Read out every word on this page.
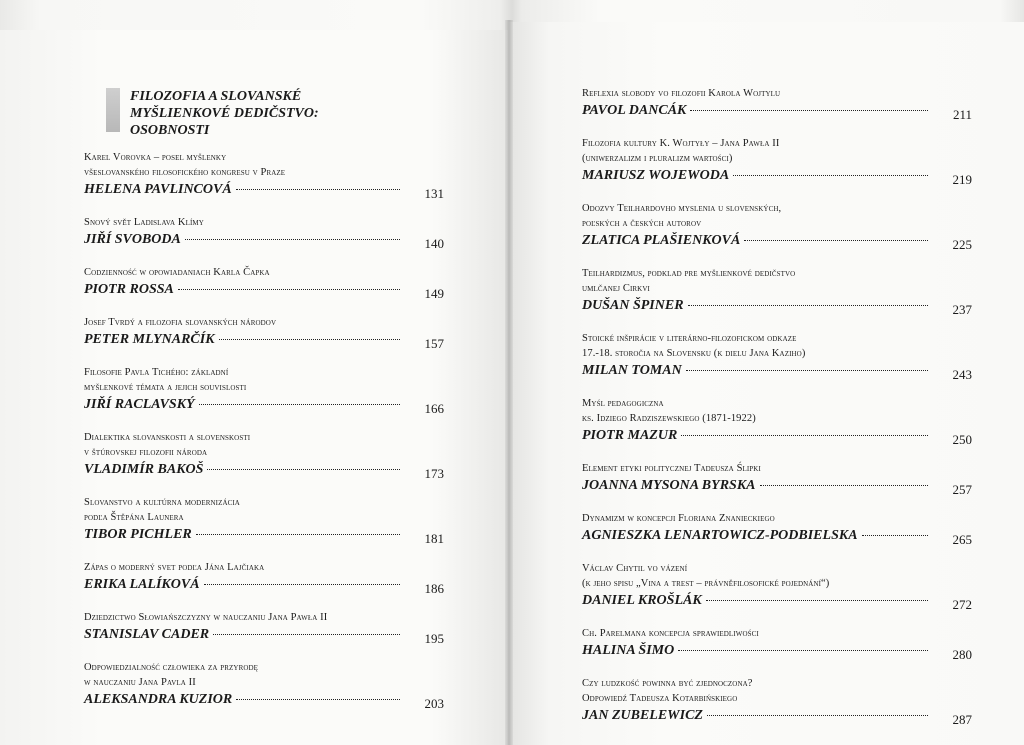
FILOZOFIA A SLOVANSKÉ
MYŠLIENKOVÉ DEDIČSTVO:
OSOBNOSTI
Karel Vorovka – posel myšlenky
všeslovanského filosofického kongresu v Praze
HELENA PAVLINCOVÁ	131
Snový svět Ladislava Klímy
JIŘÍ SVOBODA	140
Codzienność w opowiadaniach Karla Čapka
PIOTR ROSSA	149
Josef Tvrdý a filozofia slovanských národov
PETER MLYNARČÍK	157
Filosofie Pavla Tichého: základní
myšlenkové témata a jejich souvislosti
JIŘÍ RACLAVSKÝ	166
Dialektika slovanskosti a slovenskosti
v štúrovskej filozofii národa
VLADIMÍR BAKOŠ	173
Slovanstvo a kultúrna modernizácia
podľa Štěpána Launera
TIBOR PICHLER	181
Zápas o moderný svet podľa Jána Lajčiaka
ERIKA LALÍKOVÁ	186
Dziedzictwo Słowiańszczyzny w nauczaniu Jana Pawła II
STANISLAV CADER	195
Odpowiedzialność człowieka za przyrodę
w nauczaniu Jana Pavla II
ALEKSANDRA KUZIOR	203
Reflexia slobody vo filozofii Karola Wojtylu
PAVOL DANCÁK	211
Filozofia kultury K. Wojtyły – Jana Pawła II
(uniwerzalizm i pluralizm wartości)
MARIUSZ WOJEWODA	219
Odozvy Teilhardovho myslenia u slovenských,
poľských a českých autorov
ZLATICA PLAŠIENKOVÁ	225
Teilhardizmus, podklad pre myšlienkové dedičstvo
umlčanej Cirkvi
DUŠAN ŠPINER	237
Stoické inšpirácie v literárno-filozofickom odkaze
17.-18. storočia na Slovensku (k dielu Jana Kaziho)
MILAN TOMAN	243
Myśl pedagogiczna
ks. Idziego Radziszewskiego (1871-1922)
PIOTR MAZUR	250
Element etyki politycznej Tadeusza Ślipki
JOANNA MYSONA BYRSKA	257
Dynamizm w koncepcji Floriana Znanieckiego
AGNIESZKA LENARTOWICZ-PODBIELSKA	265
Václav Chytil vo vázení
(k jeho spisu „Vina a trest – právněfilosofické pojednání“)
DANIEL KROŠLÁK	272
Ch. Parelmana koncepcja sprawiedliwości
HALINA ŠIMO	280
Czy ludzkość powinna być zjednoczona?
Odpowiedź Tadeusza Kotarbińskiego
JAN ZUBELEWICZ	287
